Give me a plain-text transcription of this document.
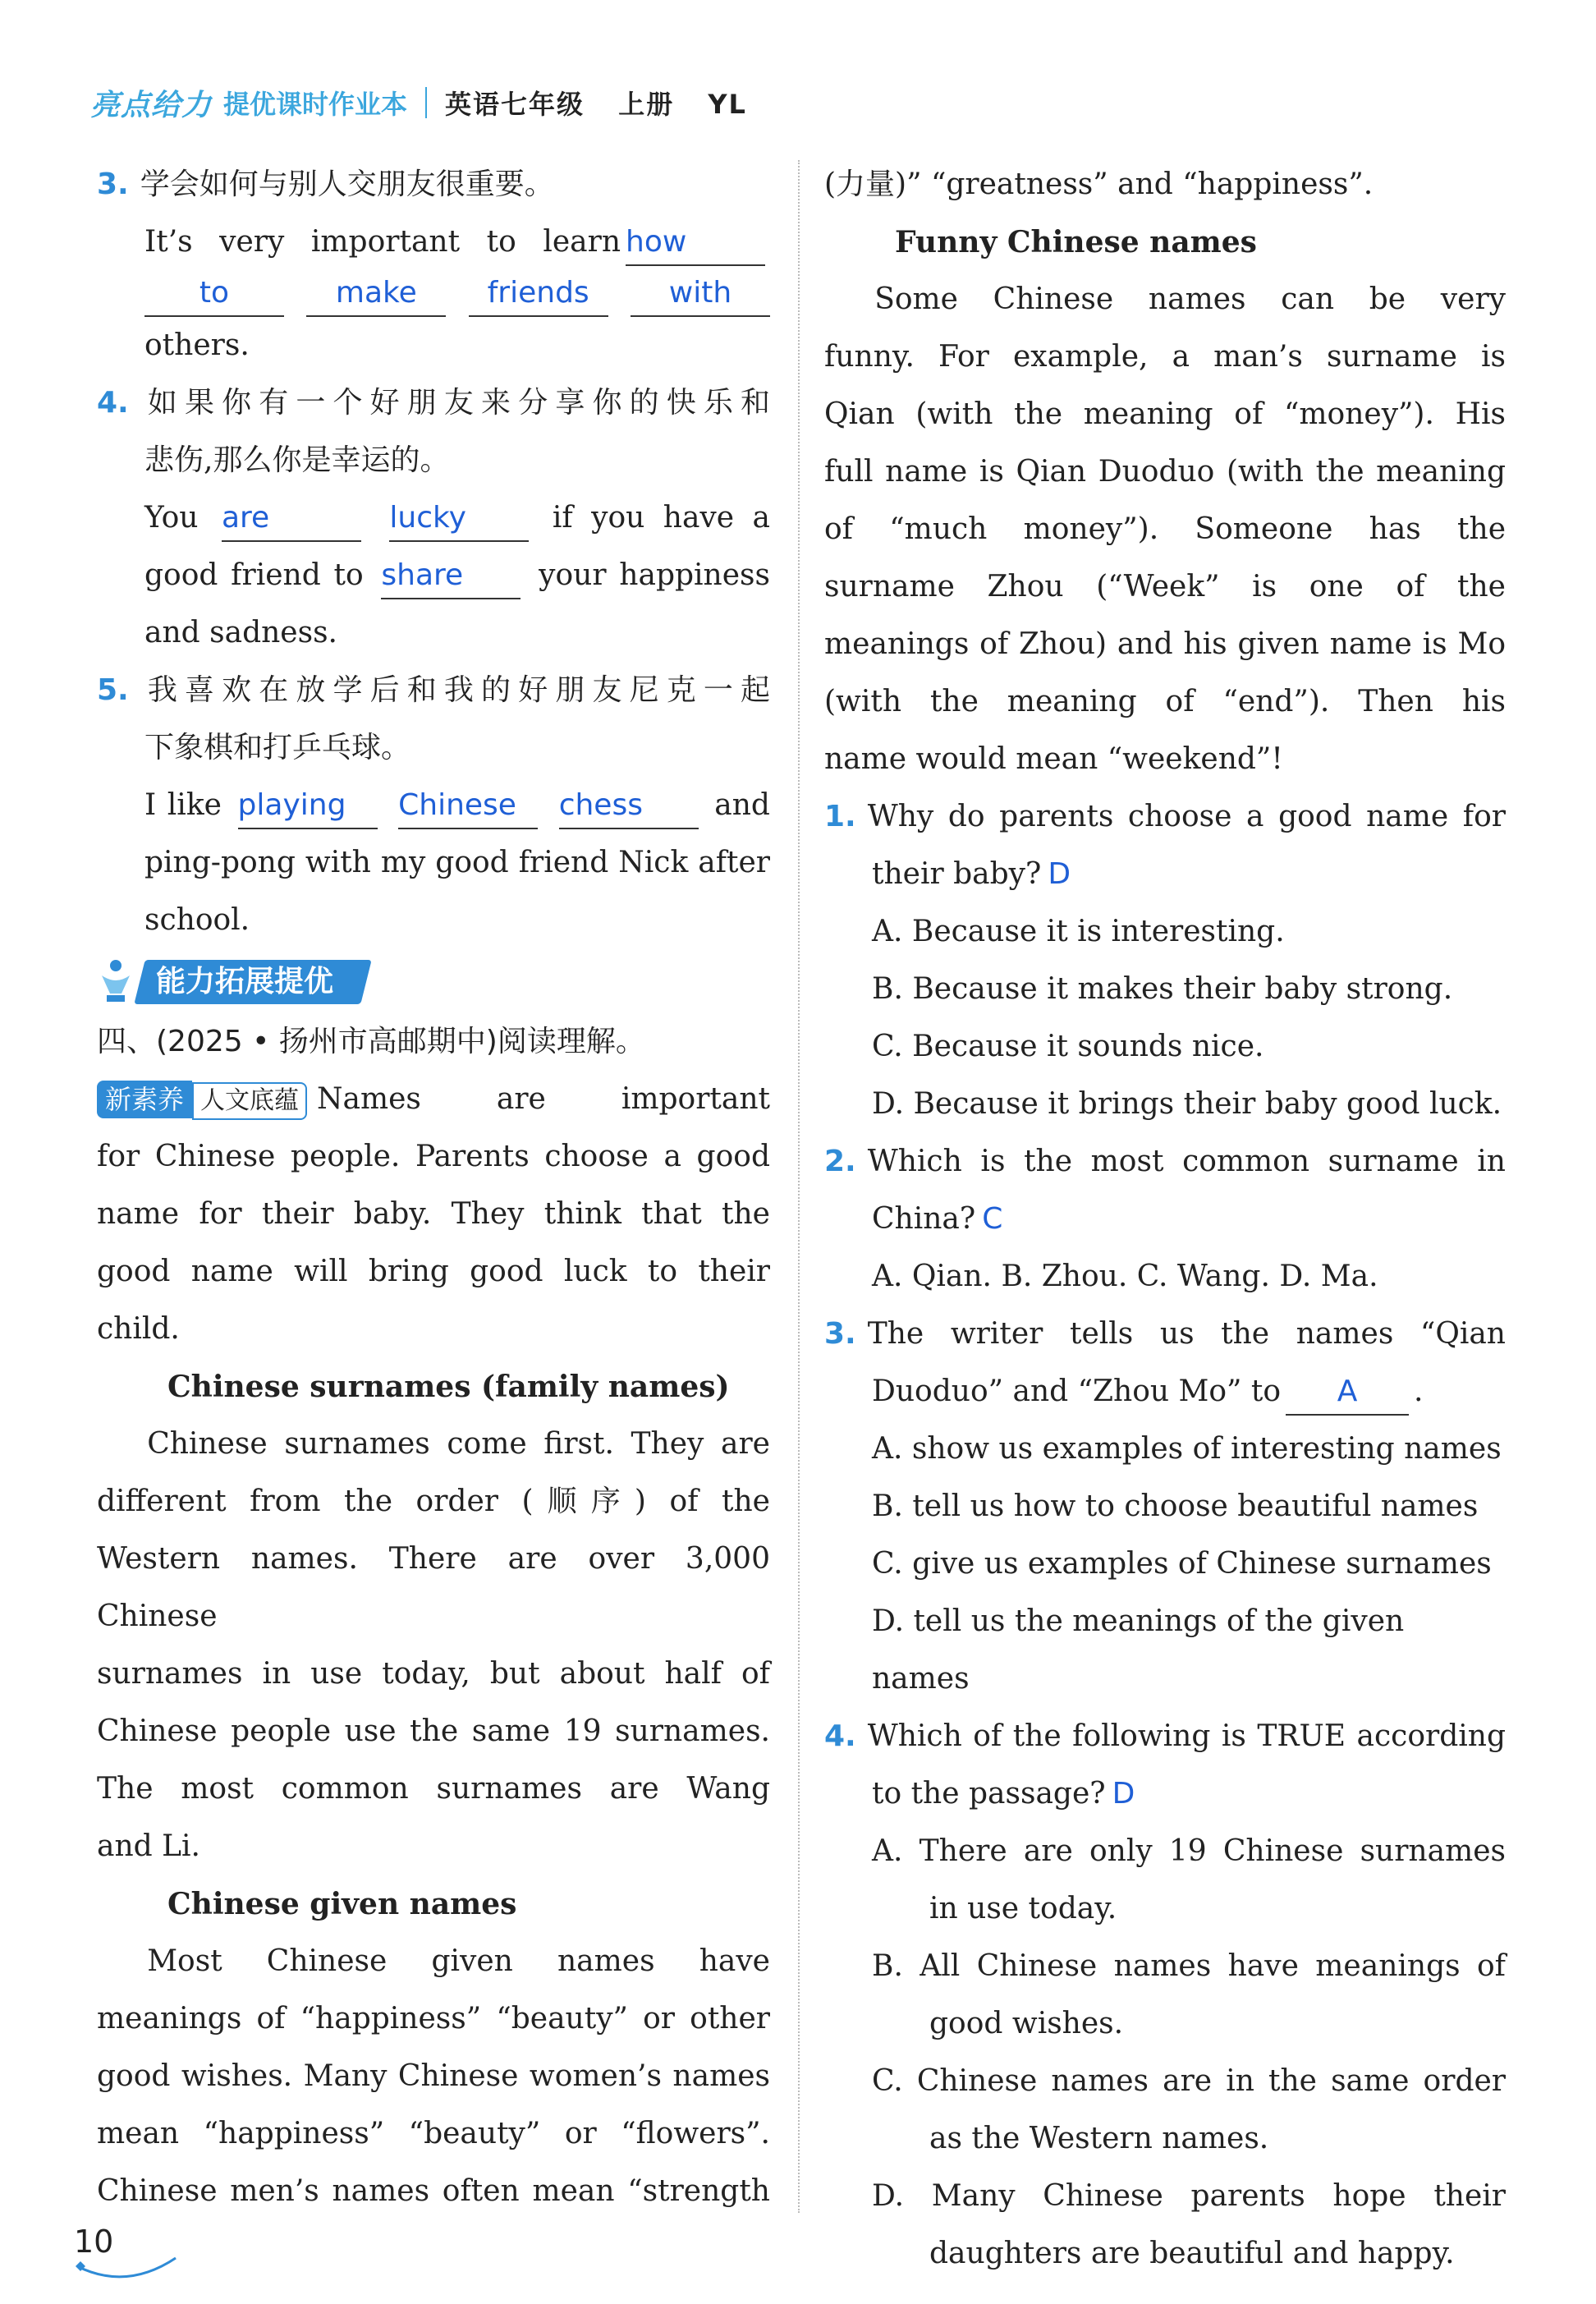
亮点给力 提优课时作业本 英语七年级 上册 YL

3. 学会如何与别人交朋友很重要。

It’s very important to learn how

to	make	friends	with

others.

4. 如果你有一个好朋友来分享你的快乐和

悲伤,那么你是幸运的。

You are	lucky	if you have a

good friend to share	your happiness

and sadness.

5. 我喜欢在放学后和我的好朋友尼克一起

下象棋和打乒乓球。

I like playing Chinese chess and

ping-pong with my good friend Nick after

school.

能力拓展提优

四、(2025 • 扬州市高邮期中)阅读理解。

新素养 人文底蕴 Names are important

for Chinese people. Parents choose a good

name for their baby. They think that the

good name will bring good luck to their

child.

Chinese surnames (family names)

Chinese surnames come first. They are

different from the order (顺序) of the

Western names. There are over 3,000 Chinese

surnames in use today, but about half of

Chinese people use the same 19 surnames.

The most common surnames are Wang

and Li.

Chinese given names

Most Chinese given names have

meanings of “happiness” “beauty” or other

good wishes. Many Chinese women’s names

mean “happiness” “beauty” or “flowers”.

Chinese men’s names often mean “strength

(力量)” “greatness” and “happiness”.

Funny Chinese names

Some Chinese names can be very

funny. For example, a man’s surname is

Qian (with the meaning of “money”). His

full name is Qian Duoduo (with the meaning

of “much money”). Someone has the

surname Zhou (“Week” is one of the

meanings of Zhou) and his given name is Mo

(with the meaning of “end”). Then his

name would mean “weekend”!

1. Why do parents choose a good name for

their baby? D

A. Because it is interesting.

B. Because it makes their baby strong.

C. Because it sounds nice.

D. Because it brings their baby good luck.

2. Which is the most common surname in

China? C

A. Qian. B. Zhou. C. Wang. D. Ma.

3. The writer tells us the names “Qian

Duoduo” and “Zhou Mo” to A .

A. show us examples of interesting names

B. tell us how to choose beautiful names

C. give us examples of Chinese surnames

D. tell us the meanings of the given names

4. Which of the following is TRUE according

to the passage? D

A. There are only 19 Chinese surnames

in use today.

B. All Chinese names have meanings of

good wishes.

C. Chinese names are in the same order

as the Western names.

D. Many Chinese parents hope their

daughters are beautiful and happy.

10
